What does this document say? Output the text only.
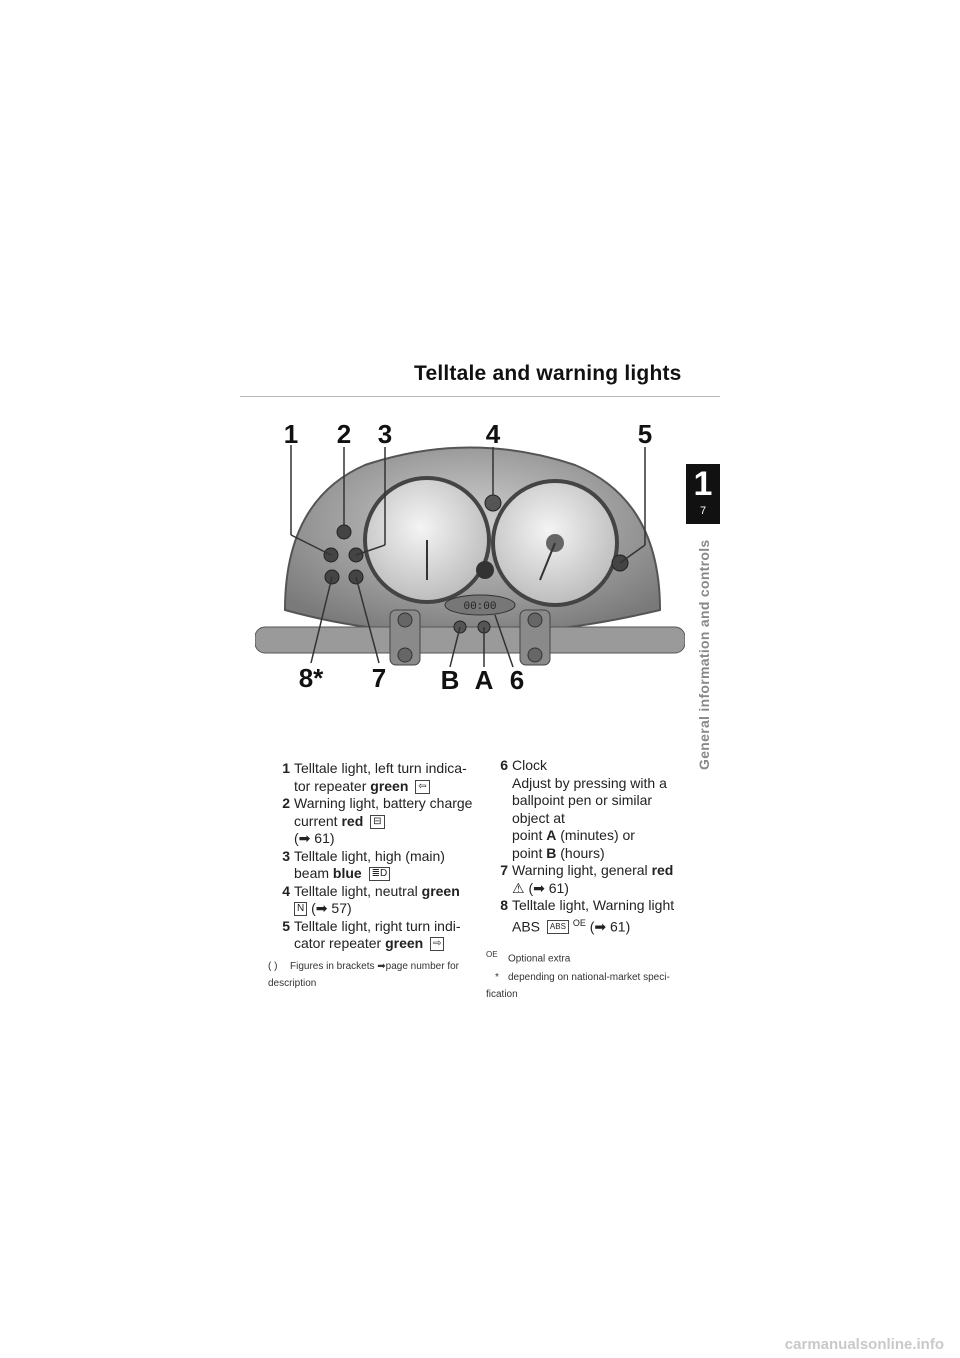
Telltale and warning lights
1
7
General information and controls
00:00
1 2 3	4	5
8* 7 B A 6
1 Telltale light, left turn indica- tor repeater green ⇦
2 Warning light, battery charge current red ⊟
(➡ 61)
3 Telltale light, high (main) beam blue ≣D
4 Telltale light, neutral green
N (➡ 57)
5 Telltale light, right turn indi- cator repeater green ⇨
6 Clock
Adjust by pressing with a ballpoint pen or similar object at
point A (minutes) or
point B (hours)
7 Warning light, general red
⚠ (➡ 61)
8 Telltale light, Warning light ABS ABS $^{OE}$ (➡ 61)
( ) Figures in brackets ➡page number for description
$^{OE}$ Optional extra
* depending on national-market speci- fication
carmanualsonline.info
